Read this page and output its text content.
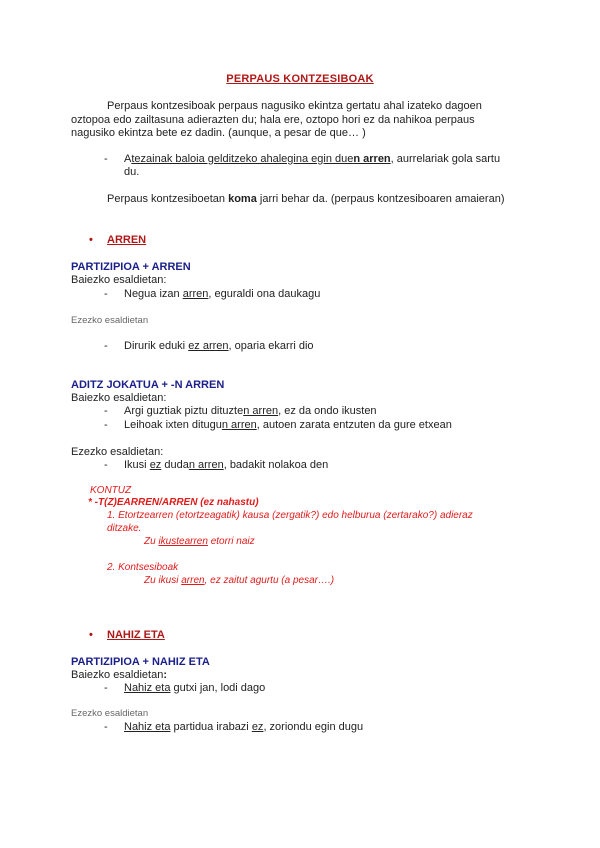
PERPAUS KONTZESIBOAK
Perpaus kontzesiboak perpaus nagusiko ekintza gertatu ahal izateko dagoen
oztopoa edo zailtasuna adierazten du; hala ere, oztopo hori ez da nahikoa perpaus
nagusiko ekintza bete ez dadin. (aunque, a pesar de que… )
- Atezainak baloia gelditzeko ahalegina egin duen arren, aurrelariak gola sartu
du.
Perpaus kontzesiboetan koma jarri behar da. (perpaus kontzesiboaren amaieran)
• ARREN
PARTIZIPIOA + ARREN
Baiezko esaldietan:
- Negua izan arren, eguraldi ona daukagu
Ezezko esaldietan
- Dirurik eduki ez arren, oparia ekarri dio
ADITZ JOKATUA + -N ARREN
Baiezko esaldietan:
- Argi guztiak piztu dituzten arren, ez da ondo ikusten
- Leihoak ixten ditugun arren, autoen zarata entzuten da gure etxean
Ezezko esaldietan:
- Ikusi ez dudan arren, badakit nolakoa den
KONTUZ
* -T(Z)EARREN/ARREN (ez nahastu)
1. Etortzearren (etortzeagatik) kausa (zergatik?) edo helburua (zertarako?) adieraz
ditzake.
Zu ikustearren etorri naiz
2. Kontsesiboak
Zu ikusi arren, ez zaitut agurtu (a pesar….)
• NAHIZ ETA
PARTIZIPIOA + NAHIZ ETA
Baiezko esaldietan:
- Nahiz eta gutxi jan, lodi dago
Ezezko esaldietan
- Nahiz eta partidua irabazi ez, zoriondu egin dugu
